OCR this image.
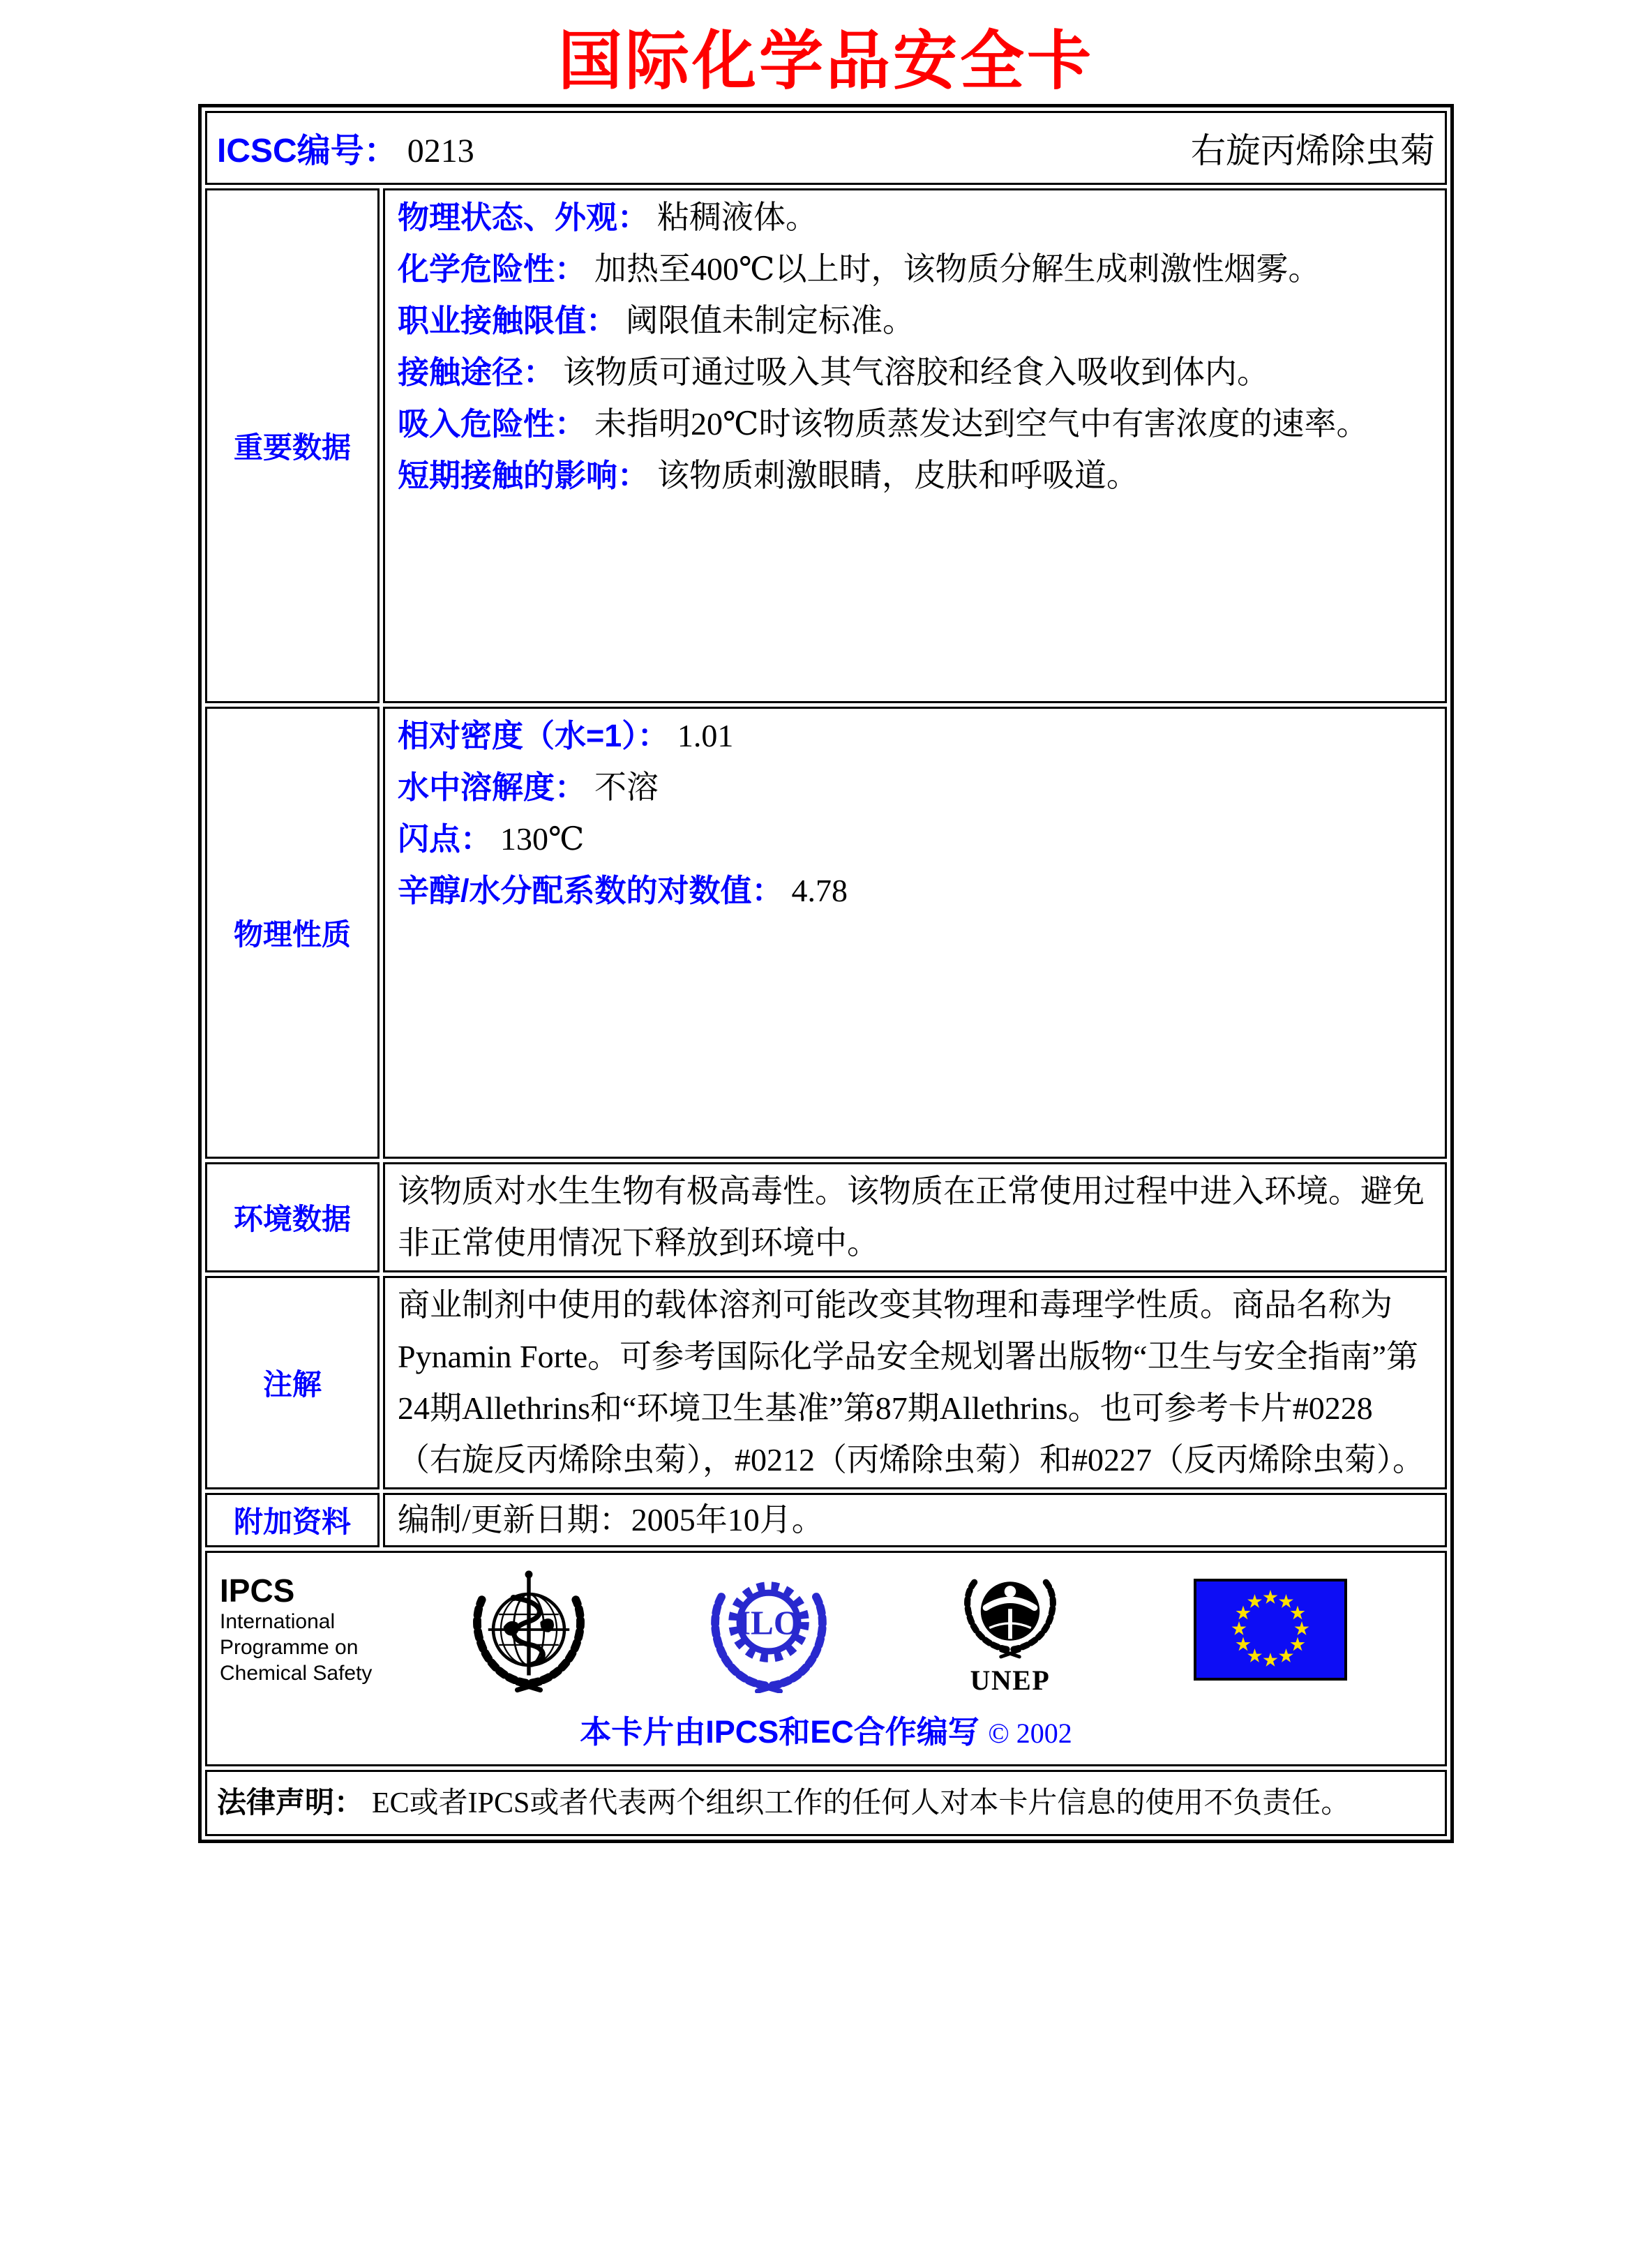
国际化学品安全卡
ICSC编号： 0213 右旋丙烯除虫菊	

重要数据	
物理状态、外观： 粘稠液体。
化学危险性： 加热至400℃以上时，该物质分解生成刺激性烟雾。
职业接触限值： 阈限值未制定标准。
接触途径： 该物质可通过吸入其气溶胶和经食入吸收到体内。
吸入危险性： 未指明20℃时该物质蒸发达到空气中有害浓度的速率。
短期接触的影响： 该物质刺激眼睛，皮肤和呼吸道。

物理性质	相对密度（水=1）： 1.01
水中溶解度： 不溶
闪点： 130℃
辛醇/水分配系数的对数值： 4.78

环境数据	该物质对水生生物有极高毒性。该物质在正常使用过程中进入环境。避免非正常使用情况下释放到环境中。
注解	商业制剂中使用的载体溶剂可能改变其物理和毒理学性质。商品名称为Pynamin Forte。可参考国际化学品安全规划署出版物“卫生与安全指南”第24期Allethrins和“环境卫生基准”第87期Allethrins。也可参考卡片#0228（右旋反丙烯除虫菊），#0212（丙烯除虫菊）和#0227（反丙烯除虫菊）。
附加资料	编制/更新日期：2005年10月。

IPCS
International
Programme on
Chemical Safety
ILO
UNEP
本卡片由IPCS和EC合作编写 © 2002

法律声明： EC或者IPCS或者代表两个组织工作的任何人对本卡片信息的使用不负责任。	
